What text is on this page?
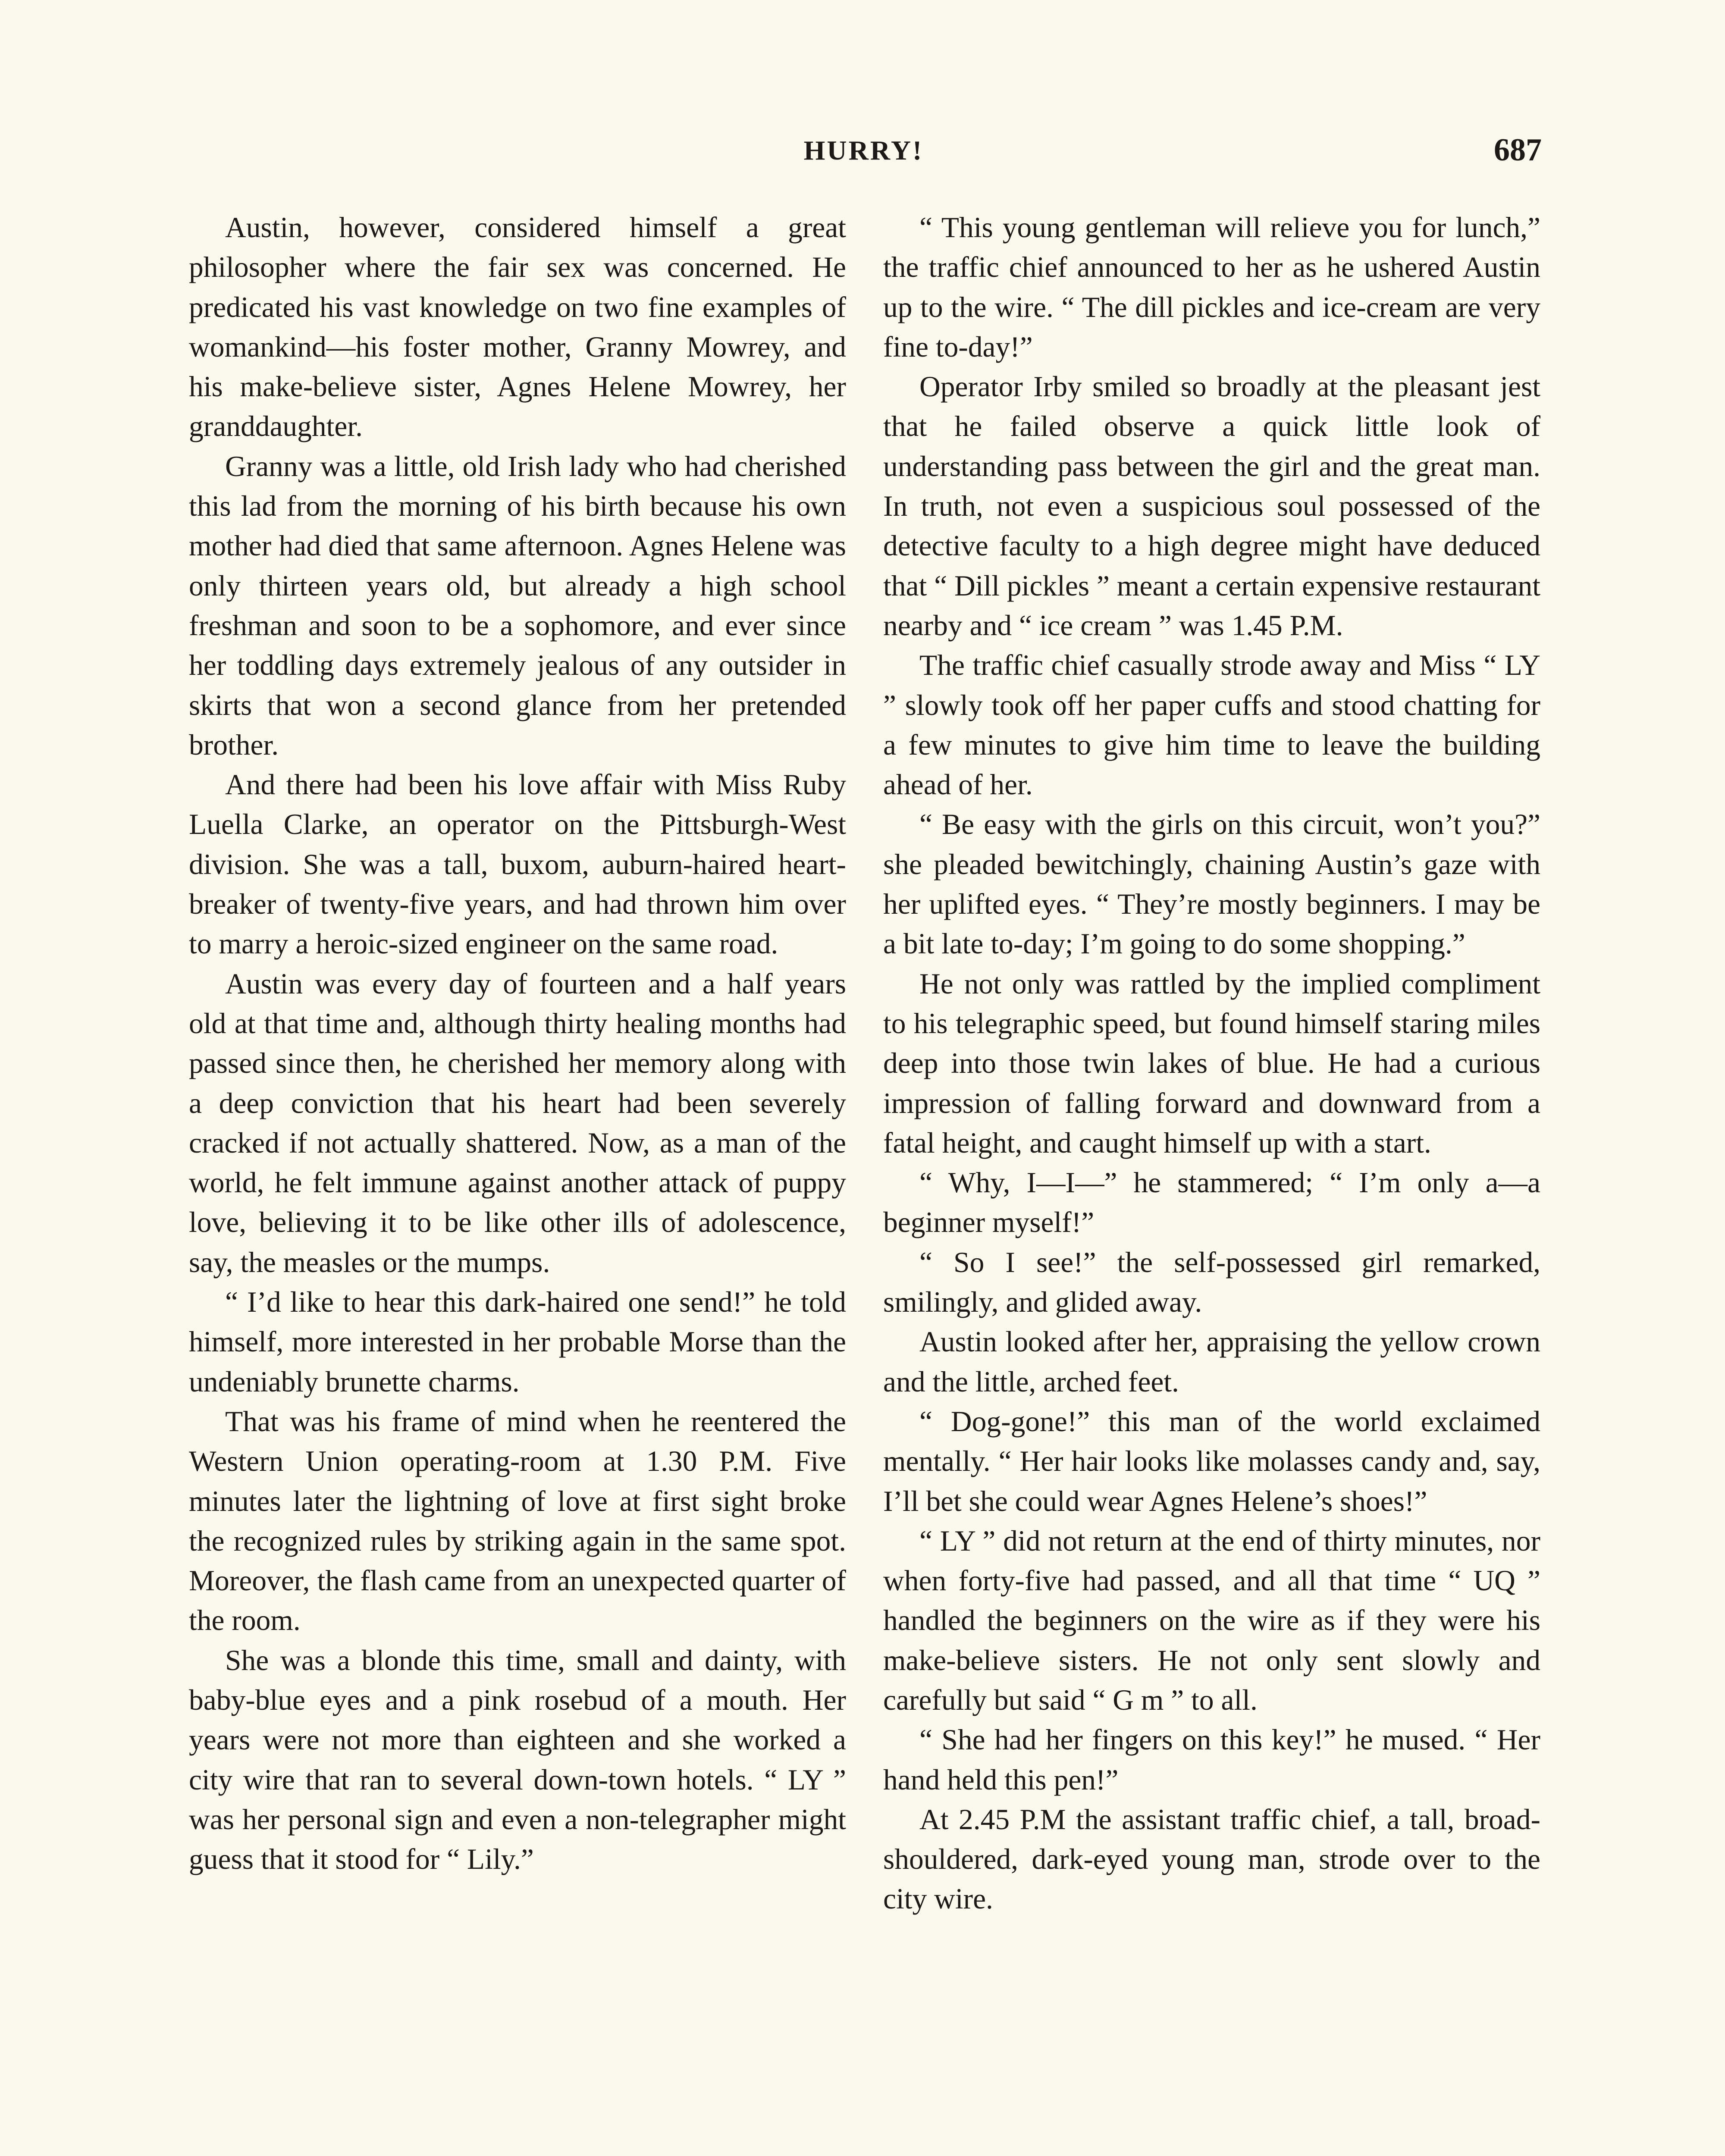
HURRY!	687

Austin, however, considered himself a great philosopher where the fair sex was concerned. He predicated his vast knowledge on two fine examples of womankind—his foster mother, Granny Mowrey, and his make-believe sister, Agnes Helene Mowrey, her granddaughter.

Granny was a little, old Irish lady who had cherished this lad from the morning of his birth because his own mother had died that same afternoon. Agnes Helene was only thirteen years old, but already a high school freshman and soon to be a sophomore, and ever since her toddling days extremely jealous of any outsider in skirts that won a second glance from her pretended brother.

And there had been his love affair with Miss Ruby Luella Clarke, an operator on the Pittsburgh-West division. She was a tall, buxom, auburn-haired heart-breaker of twenty-five years, and had thrown him over to marry a heroic-sized engineer on the same road.

Austin was every day of fourteen and a half years old at that time and, although thirty healing months had passed since then, he cherished her memory along with a deep conviction that his heart had been severely cracked if not actually shattered. Now, as a man of the world, he felt immune against another attack of puppy love, believing it to be like other ills of adolescence, say, the measles or the mumps.

“ I’d like to hear this dark-haired one send!” he told himself, more interested in her probable Morse than the undeniably brunette charms.

That was his frame of mind when he reentered the Western Union operating-room at 1.30 P.M. Five minutes later the lightning of love at first sight broke the recognized rules by striking again in the same spot. Moreover, the flash came from an unexpected quarter of the room.

She was a blonde this time, small and dainty, with baby-blue eyes and a pink rosebud of a mouth. Her years were not more than eighteen and she worked a city wire that ran to several down-town hotels. “ LY ” was her personal sign and even a non-telegrapher might guess that it stood for “ Lily.”

“ This young gentleman will relieve you for lunch,” the traffic chief announced to her as he ushered Austin up to the wire. “ The dill pickles and ice-cream are very fine to-day!”

Operator Irby smiled so broadly at the pleasant jest that he failed observe a quick little look of understanding pass between the girl and the great man. In truth, not even a suspicious soul possessed of the detective faculty to a high degree might have deduced that “ Dill pickles ” meant a certain expensive restaurant nearby and “ ice cream ” was 1.45 P.M.

The traffic chief casually strode away and Miss “ LY ” slowly took off her paper cuffs and stood chatting for a few minutes to give him time to leave the building ahead of her.

“ Be easy with the girls on this circuit, won’t you?” she pleaded bewitchingly, chaining Austin’s gaze with her uplifted eyes. “ They’re mostly beginners. I may be a bit late to-day; I’m going to do some shopping.”

He not only was rattled by the implied compliment to his telegraphic speed, but found himself staring miles deep into those twin lakes of blue. He had a curious impression of falling forward and downward from a fatal height, and caught himself up with a start.

“ Why, I—I—” he stammered; “ I’m only a—a beginner myself!”

“ So I see!” the self-possessed girl remarked, smilingly, and glided away.

Austin looked after her, appraising the yellow crown and the little, arched feet.

“ Dog-gone!” this man of the world exclaimed mentally. “ Her hair looks like molasses candy and, say, I’ll bet she could wear Agnes Helene’s shoes!”

“ LY ” did not return at the end of thirty minutes, nor when forty-five had passed, and all that time “ UQ ” handled the beginners on the wire as if they were his make-believe sisters. He not only sent slowly and carefully but said “ G m ” to all.

“ She had her fingers on this key!” he mused. “ Her hand held this pen!”

At 2.45 P.M the assistant traffic chief, a tall, broad-shouldered, dark-eyed young man, strode over to the city wire.
